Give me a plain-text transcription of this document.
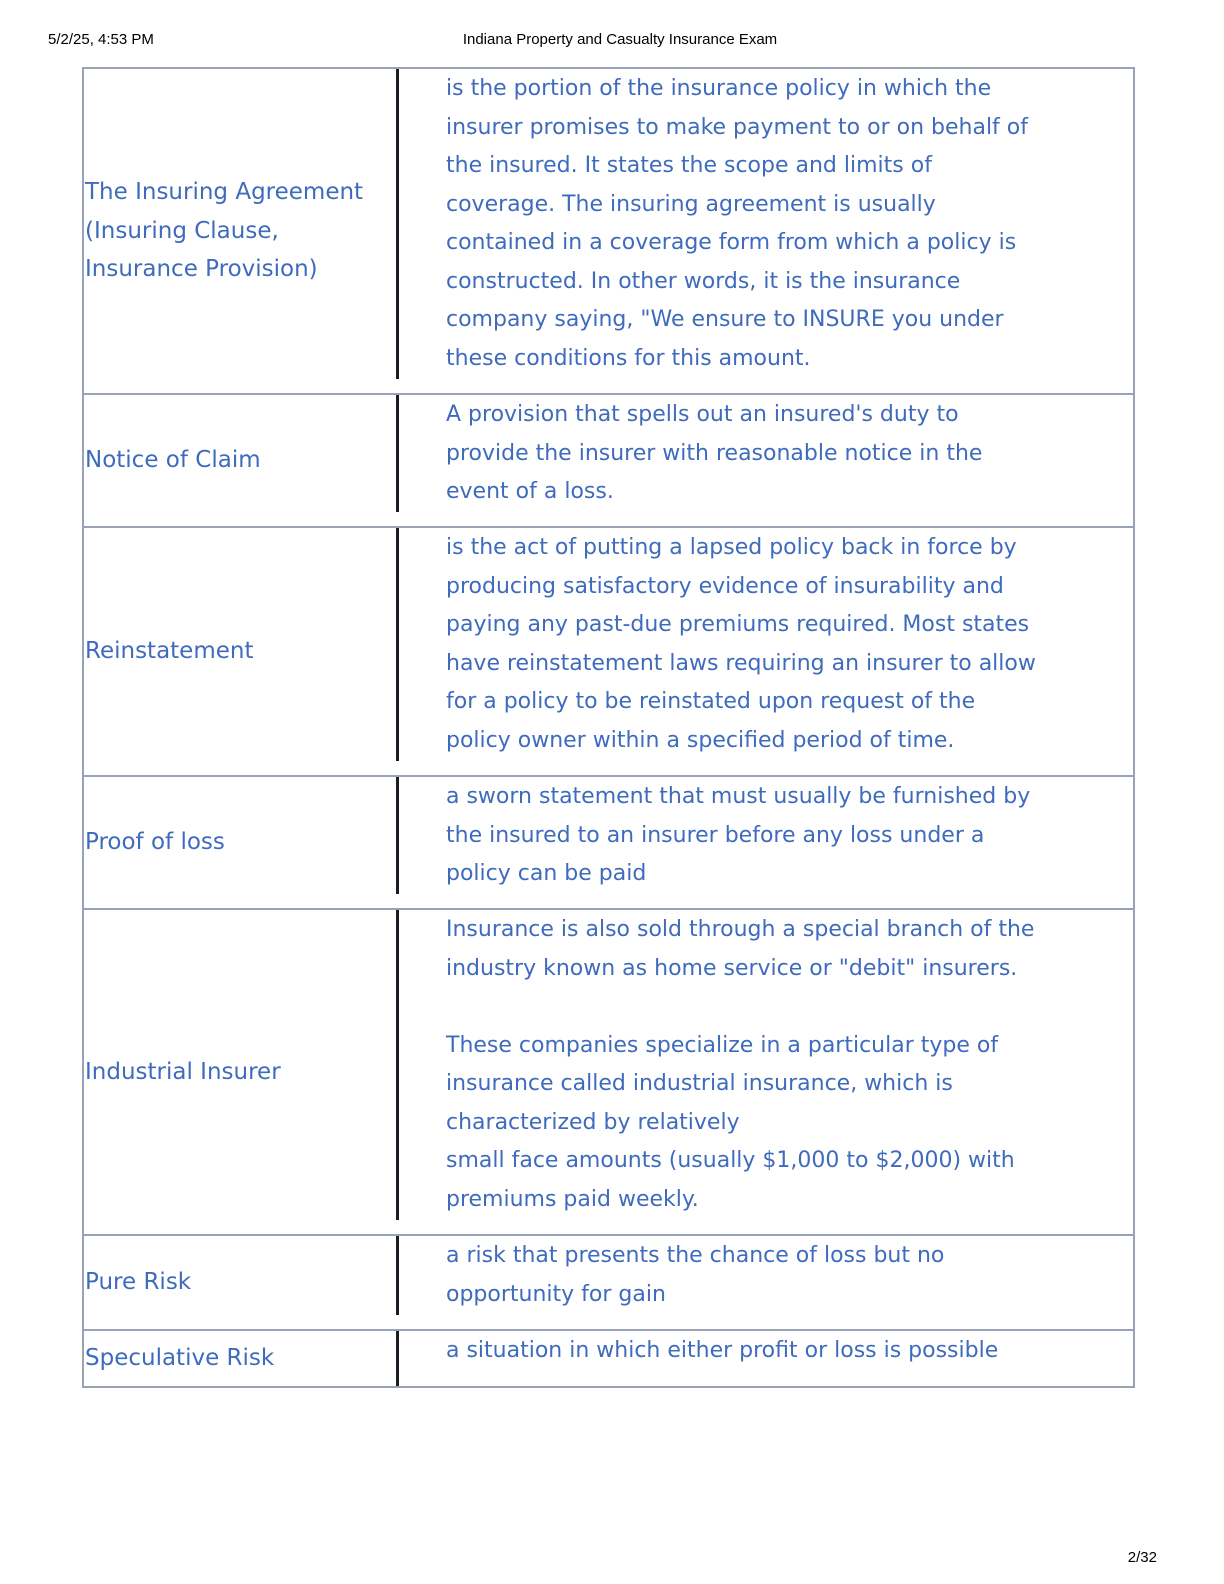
5/2/25, 4:53 PM	Indiana Property and Casualty Insurance Exam
The Insuring Agreement (Insuring Clause, Insurance Provision)
is the portion of the insurance policy in which the insurer promises to make payment to or on behalf of the insured. It states the scope and limits of coverage. The insuring agreement is usually contained in a coverage form from which a policy is constructed. In other words, it is the insurance company saying, "We ensure to INSURE you under these conditions for this amount.
Notice of Claim
A provision that spells out an insured's duty to provide the insurer with reasonable notice in the event of a loss.
Reinstatement
is the act of putting a lapsed policy back in force by producing satisfactory evidence of insurability and paying any past-due premiums required. Most states have reinstatement laws requiring an insurer to allow for a policy to be reinstated upon request of the policy owner within a specified period of time.
Proof of loss
a sworn statement that must usually be furnished by the insured to an insurer before any loss under a policy can be paid
Industrial Insurer
Insurance is also sold through a special branch of the industry known as home service or "debit" insurers.

These companies specialize in a particular type of insurance called industrial insurance, which is characterized by relatively
small face amounts (usually $1,000 to $2,000) with premiums paid weekly.
Pure Risk
a risk that presents the chance of loss but no opportunity for gain
Speculative Risk	a situation in which either profit or loss is possible
2/32
